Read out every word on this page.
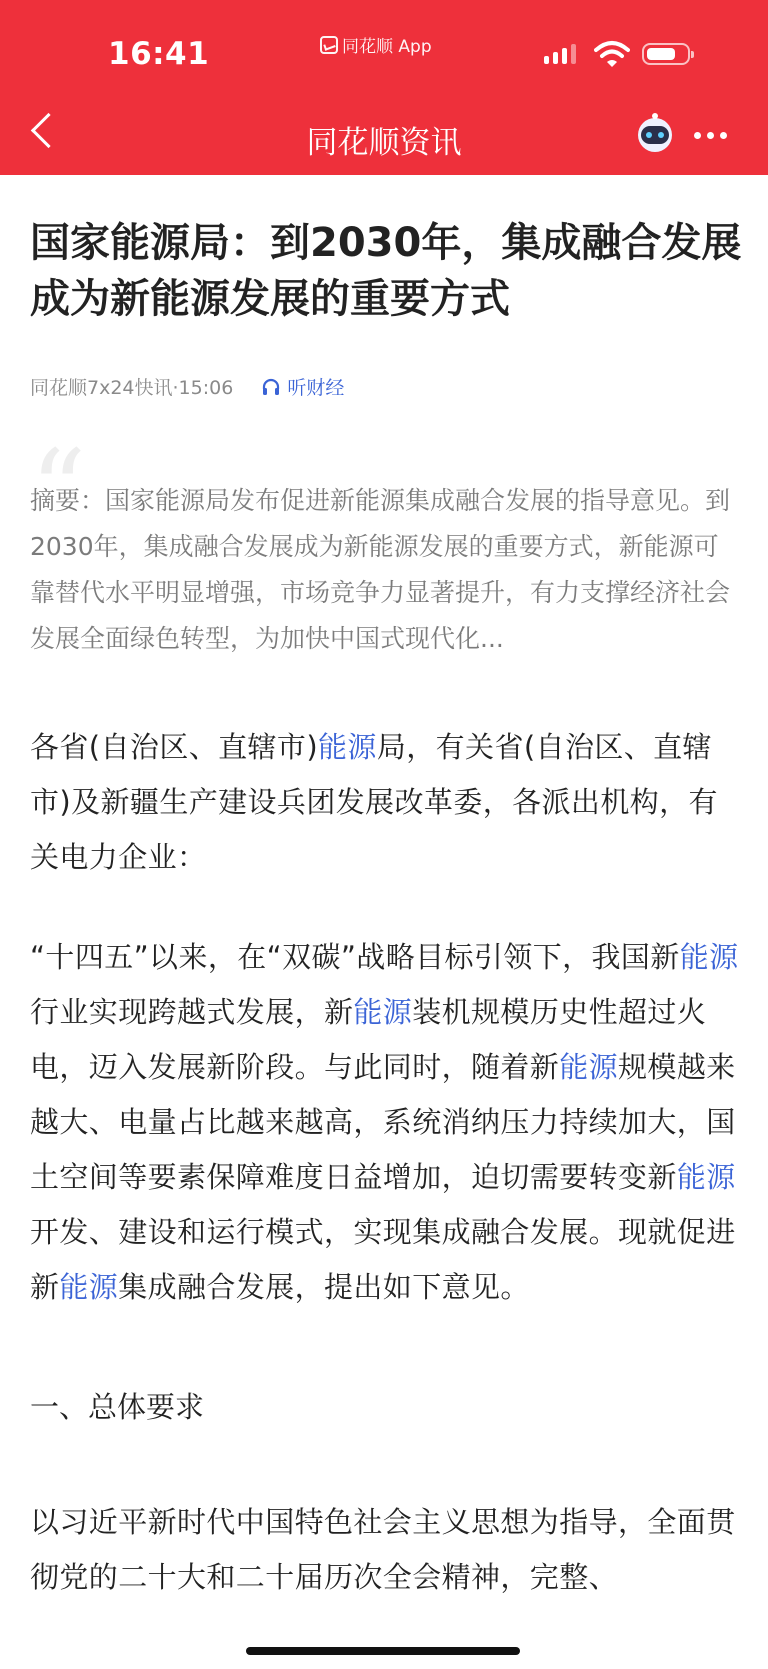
16:41	同花顺 App
同花顺资讯
国家能源局：到2030年，集成融合发展成为新能源发展的重要方式
同花顺7x24快讯·15:06	听财经
“

摘要：国家能源局发布促进新能源集成融合发展的指导意见。到2030年，集成融合发展成为新能源发展的重要方式，新能源可靠替代水平明显增强，市场竞争力显著提升，有力支撑经济社会发展全面绿色转型，为加快中国式现代化...

各省(自治区、直辖市)能源局，有关省(自治区、直辖市)及新疆生产建设兵团发展改革委，各派出机构，有关电力企业：

“十四五”以来，在“双碳”战略目标引领下，我国新能源行业实现跨越式发展，新能源装机规模历史性超过火电，迈入发展新阶段。与此同时，随着新能源规模越来越大、电量占比越来越高，系统消纳压力持续加大，国土空间等要素保障难度日益增加，迫切需要转变新能源开发、建设和运行模式，实现集成融合发展。现就促进新能源集成融合发展，提出如下意见。

一、总体要求

以习近平新时代中国特色社会主义思想为指导，全面贯彻党的二十大和二十届历次全会精神，完整、
